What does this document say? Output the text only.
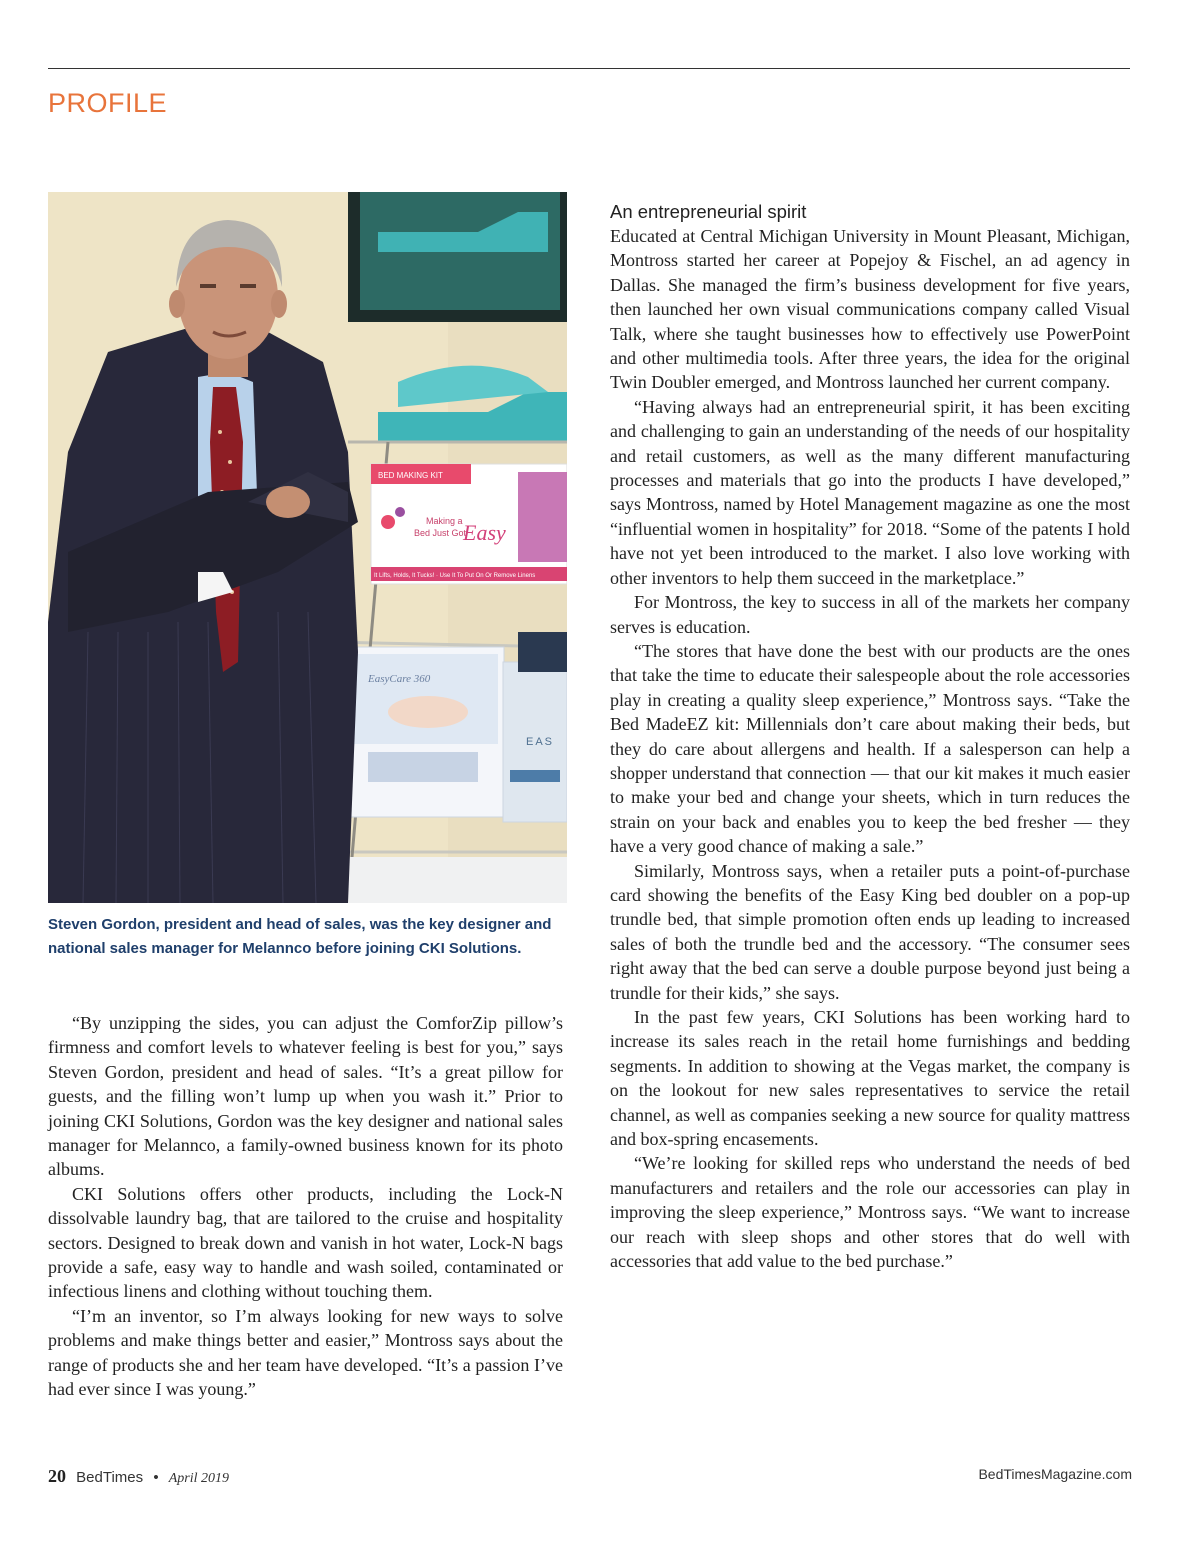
PROFILE
BED MAKING KIT
Making a
Bed Just Got
Easy
It Lifts, Holds, It Tucks! · Use It To Put On Or Remove Linens
EasyCare 360
EAS
Steven Gordon, president and head of sales, was the key designer and national sales manager for Melannco before joining CKI Solutions.

“By unzipping the sides, you can adjust the ComforZip pillow’s firmness and comfort levels to whatever feeling is best for you,” says Steven Gordon, president and head of sales. “It’s a great pillow for guests, and the filling won’t lump up when you wash it.” Prior to joining CKI Solutions, Gordon was the key designer and national sales manager for Melannco, a family-owned business known for its photo albums.

CKI Solutions offers other products, including the Lock-N dissolvable laundry bag, that are tailored to the cruise and hospitality sectors. Designed to break down and vanish in hot water, Lock-N bags provide a safe, easy way to handle and wash soiled, contaminated or infectious linens and clothing without touching them.

“I’m an inventor, so I’m always looking for new ways to solve problems and make things better and easier,” Montross says about the range of products she and her team have developed. “It’s a passion I’ve had ever since I was young.”

An entrepreneurial spirit

Educated at Central Michigan University in Mount Pleasant, Michigan, Montross started her career at Popejoy & Fischel, an ad agency in Dallas. She managed the firm’s business development for five years, then launched her own visual communications company called Visual Talk, where she taught businesses how to effectively use PowerPoint and other multimedia tools. After three years, the idea for the original Twin Doubler emerged, and Montross launched her current company.

“Having always had an entrepreneurial spirit, it has been exciting and challenging to gain an understanding of the needs of our hospitality and retail customers, as well as the many different manufacturing processes and materials that go into the products I have developed,” says Montross, named by Hotel Management magazine as one the most “influential women in hospitality” for 2018. “Some of the patents I hold have not yet been introduced to the market. I also love working with other inventors to help them succeed in the marketplace.”

For Montross, the key to success in all of the markets her company serves is education.

“The stores that have done the best with our products are the ones that take the time to educate their salespeople about the role accessories play in creating a quality sleep experience,” Montross says. “Take the Bed MadeEZ kit: Millennials don’t care about making their beds, but they do care about allergens and health. If a salesperson can help a shopper understand that connection — that our kit makes it much easier to make your bed and change your sheets, which in turn reduces the strain on your back and enables you to keep the bed fresher — they have a very good chance of making a sale.”

Similarly, Montross says, when a retailer puts a point-of-purchase card showing the benefits of the Easy King bed doubler on a pop-up trundle bed, that simple promotion often ends up leading to increased sales of both the trundle bed and the accessory. “The consumer sees right away that the bed can serve a double purpose beyond just being a trundle for their kids,” she says.

In the past few years, CKI Solutions has been working hard to increase its sales reach in the retail home furnishings and bedding segments. In addition to showing at the Vegas market, the company is on the lookout for new sales representatives to service the retail channel, as well as companies seeking a new source for quality mattress and box-spring encasements.

“We’re looking for skilled reps who understand the needs of bed manufacturers and retailers and the role our accessories can play in improving the sleep experience,” Montross says. “We want to increase our reach with sleep shops and other stores that do well with accessories that add value to the bed purchase.”

20 BedTimes • April 2019	BedTimesMagazine.com
